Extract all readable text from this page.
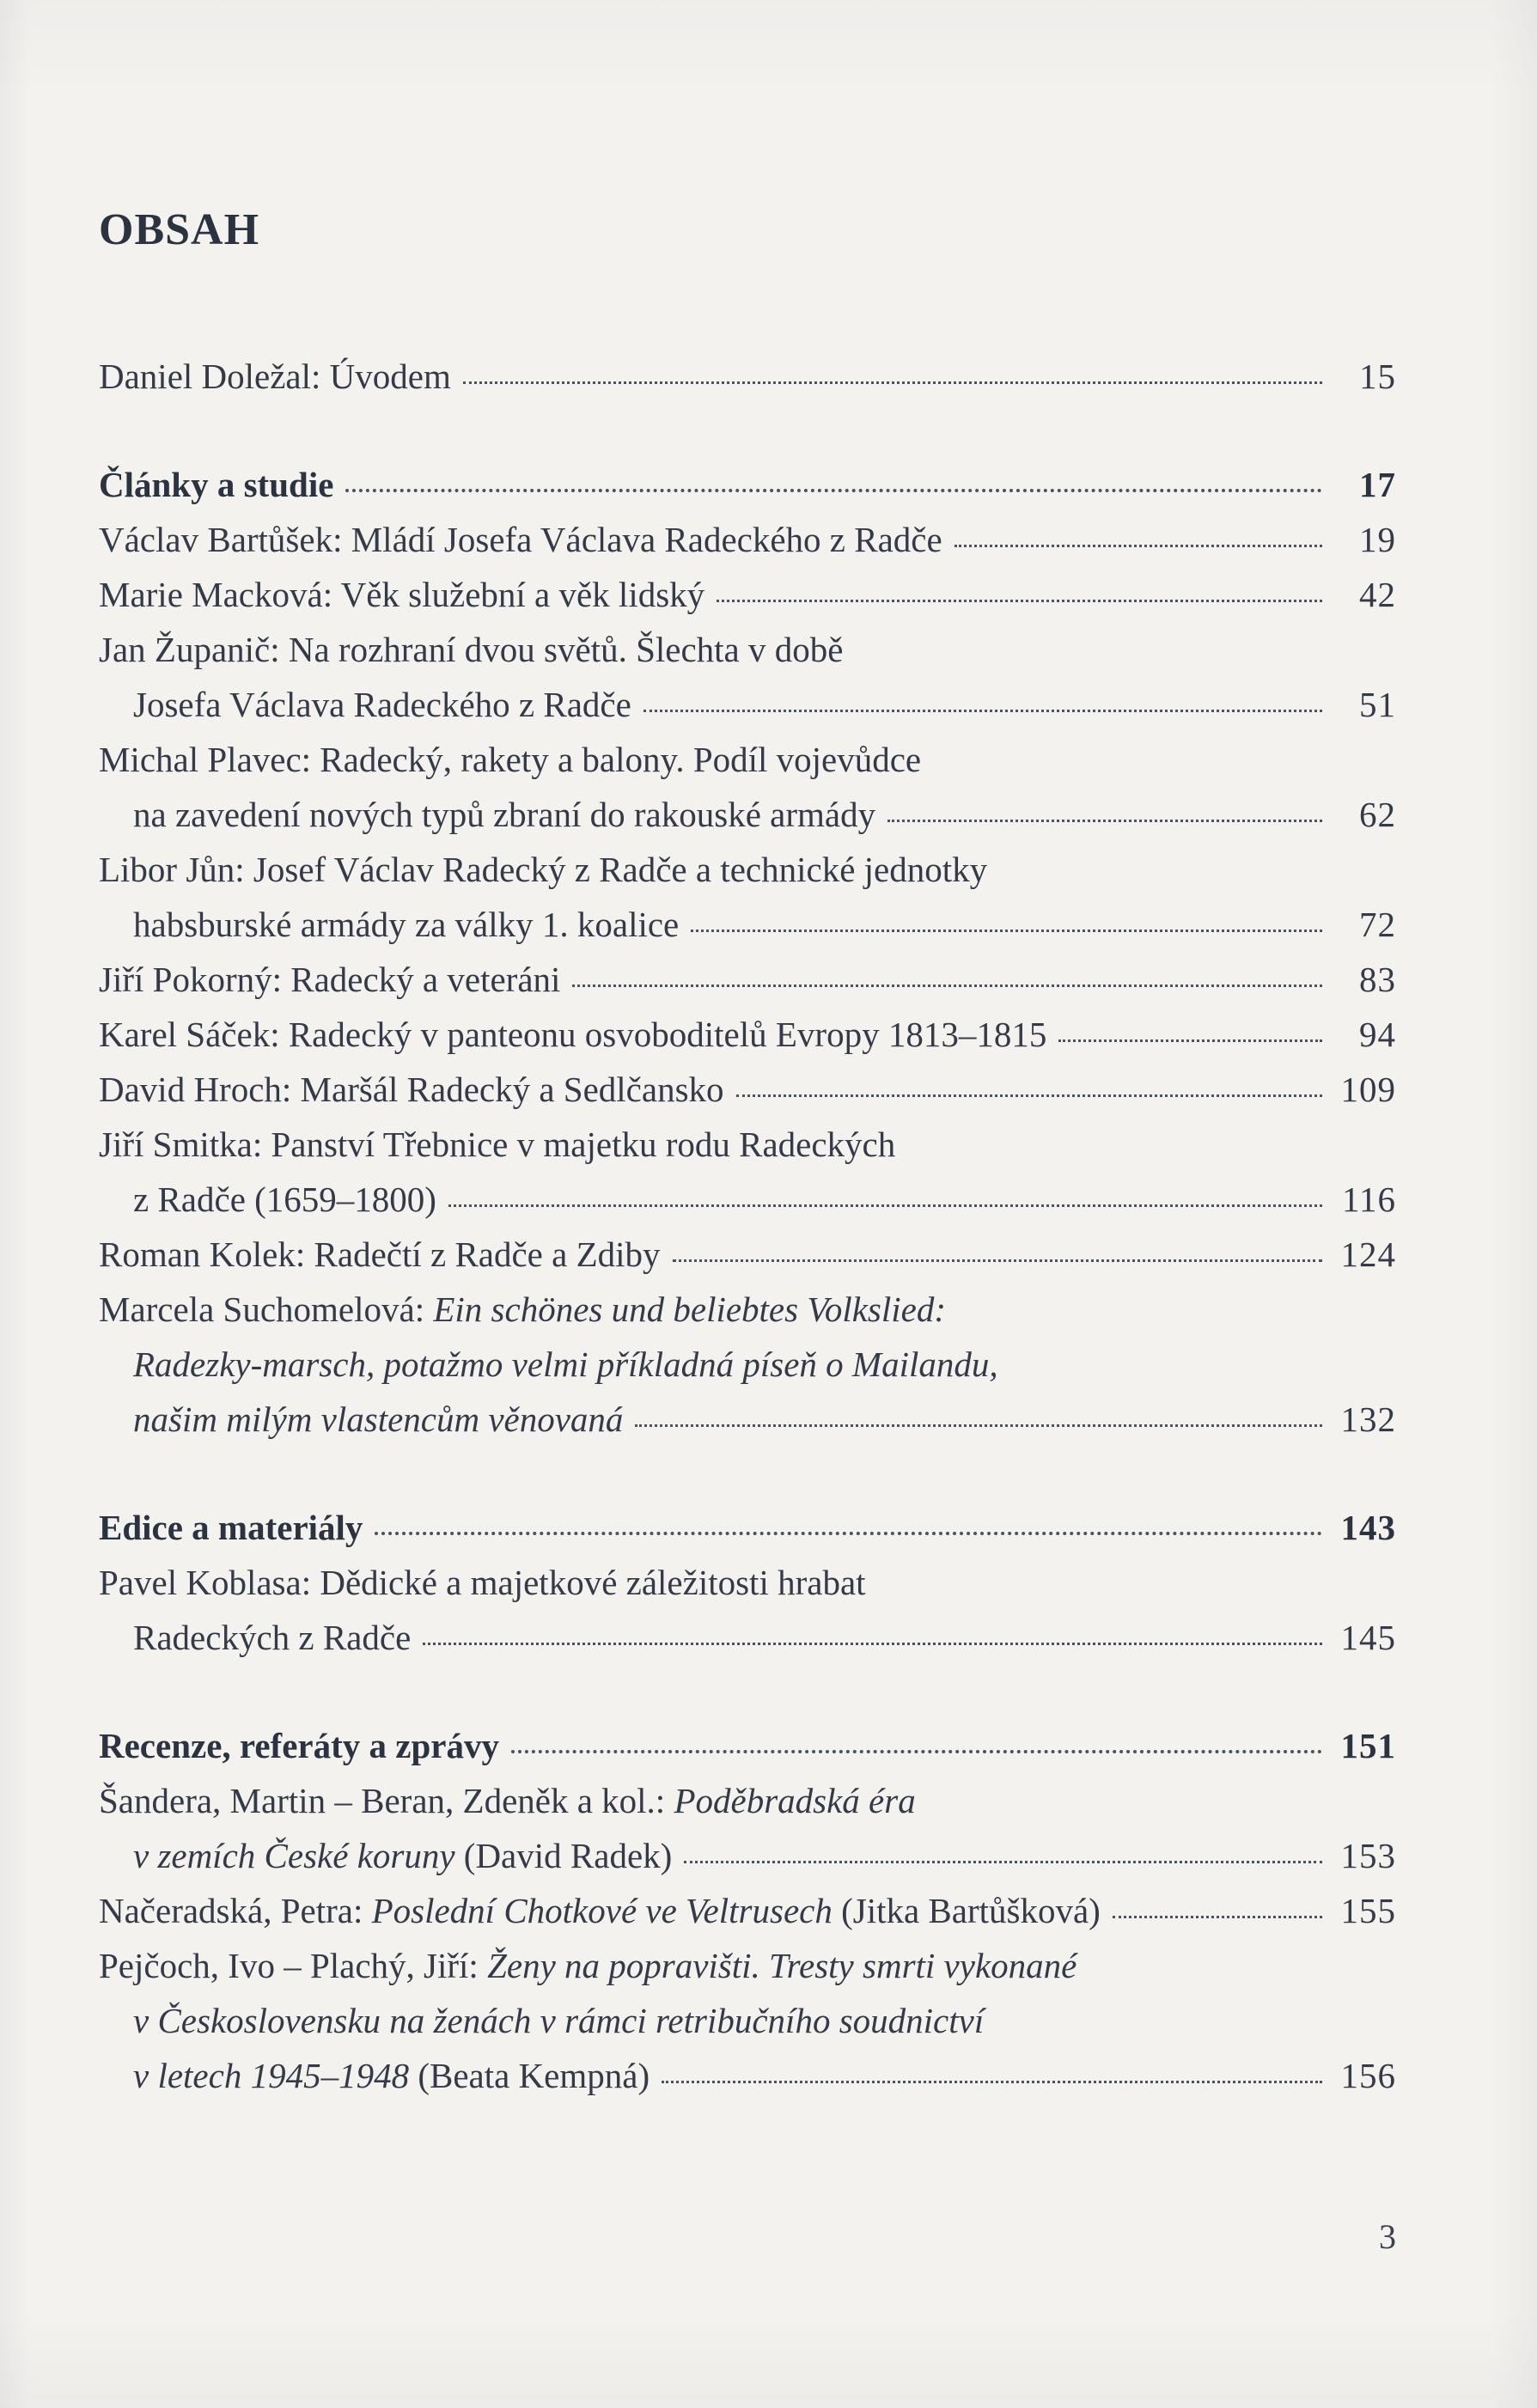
OBSAH
Daniel Doležal: Úvodem	15
Články a studie	17
Václav Bartůšek: Mládí Josefa Václava Radeckého z Radče	19
Marie Macková: Věk služební a věk lidský	42
Jan Županič: Na rozhraní dvou světů. Šlechta v době
Josefa Václava Radeckého z Radče	51
Michal Plavec: Radecký, rakety a balony. Podíl vojevůdce
na zavedení nových typů zbraní do rakouské armády	62
Libor Jůn: Josef Václav Radecký z Radče a technické jednotky
habsburské armády za války 1. koalice	72
Jiří Pokorný: Radecký a veteráni	83
Karel Sáček: Radecký v panteonu osvoboditelů Evropy 1813–1815	94
David Hroch: Maršál Radecký a Sedlčansko	109
Jiří Smitka: Panství Třebnice v majetku rodu Radeckých
z Radče (1659–1800)	116
Roman Kolek: Radečtí z Radče a Zdiby	124
Marcela Suchomelová: Ein schönes und beliebtes Volkslied:
Radezky-marsch, potažmo velmi příkladná píseň o Mailandu,
našim milým vlastencům věnovaná	132
Edice a materiály	143
Pavel Koblasa: Dědické a majetkové záležitosti hrabat
Radeckých z Radče	145
Recenze, referáty a zprávy	151
Šandera, Martin – Beran, Zdeněk a kol.: Poděbradská éra
v zemích České koruny (David Radek)	153
Načeradská, Petra: Poslední Chotkové ve Veltrusech (Jitka Bartůšková)	155
Pejčoch, Ivo – Plachý, Jiří: Ženy na popravišti. Tresty smrti vykonané
v Československu na ženách v rámci retribučního soudnictví
v letech 1945–1948 (Beata Kempná)	156
3
